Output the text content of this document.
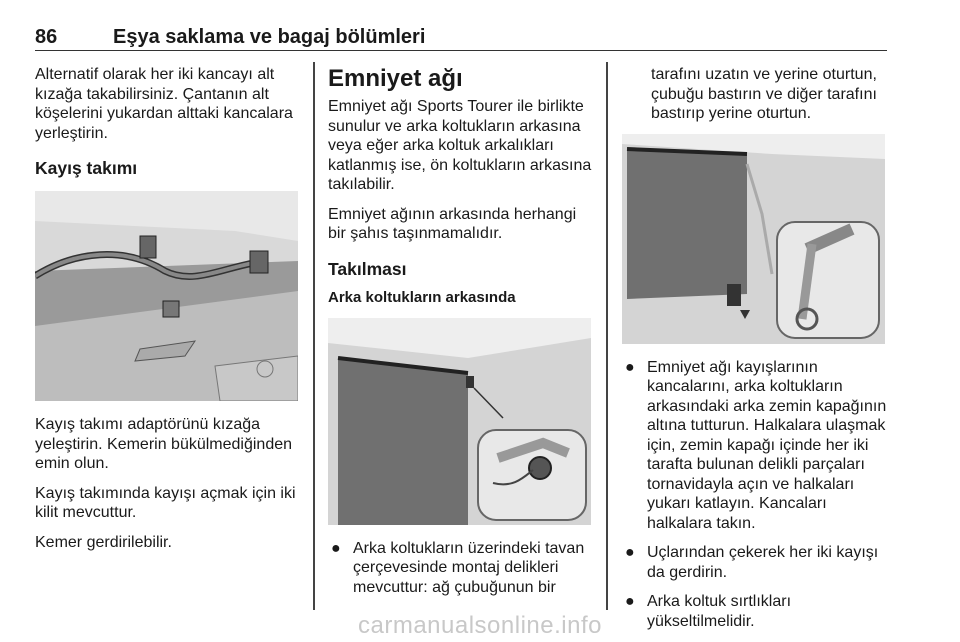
86	Eşya saklama ve bagaj bölümleri

Alternatif olarak her iki kancayı alt kızağa takabilirsiniz. Çantanın alt köşelerini yukardan alttaki kancalara yerleştirin.

Kayış takımı

Kayış takımı adaptörünü kızağa yeleştirin. Kemerin bükülmediğinden emin olun.

Kayış takımında kayışı açmak için iki kilit mevcuttur.

Kemer gerdirilebilir.

Emniyet ağı

Emniyet ağı Sports Tourer ile birlikte sunulur ve arka koltukların arkasına veya eğer arka koltuk arkalıkları katlanmış ise, ön koltukların arkasına takılabilir.

Emniyet ağının arkasında herhangi bir şahıs taşınmamalıdır.

Takılması
Arka koltukların arkasında
● Arka koltukların üzerindeki tavan çerçevesinde montaj delikleri mevcuttur: ağ çubuğunun bir

tarafını uzatın ve yerine oturtun, çubuğu bastırın ve diğer tarafını bastırıp yerine oturtun.

● Emniyet ağı kayışlarının kancalarını, arka koltukların arkasındaki arka zemin kapağının altına tutturun. Halkalara ulaşmak için, zemin kapağı içinde her iki tarafta bulunan delikli parçaları tornavidayla açın ve halkaları yukarı katlayın. Kancaları halkalara takın.
● Uçlarından çekerek her iki kayışı da gerdirin.
● Arka koltuk sırtlıkları yükseltilmelidir.
carmanualsonline.info
